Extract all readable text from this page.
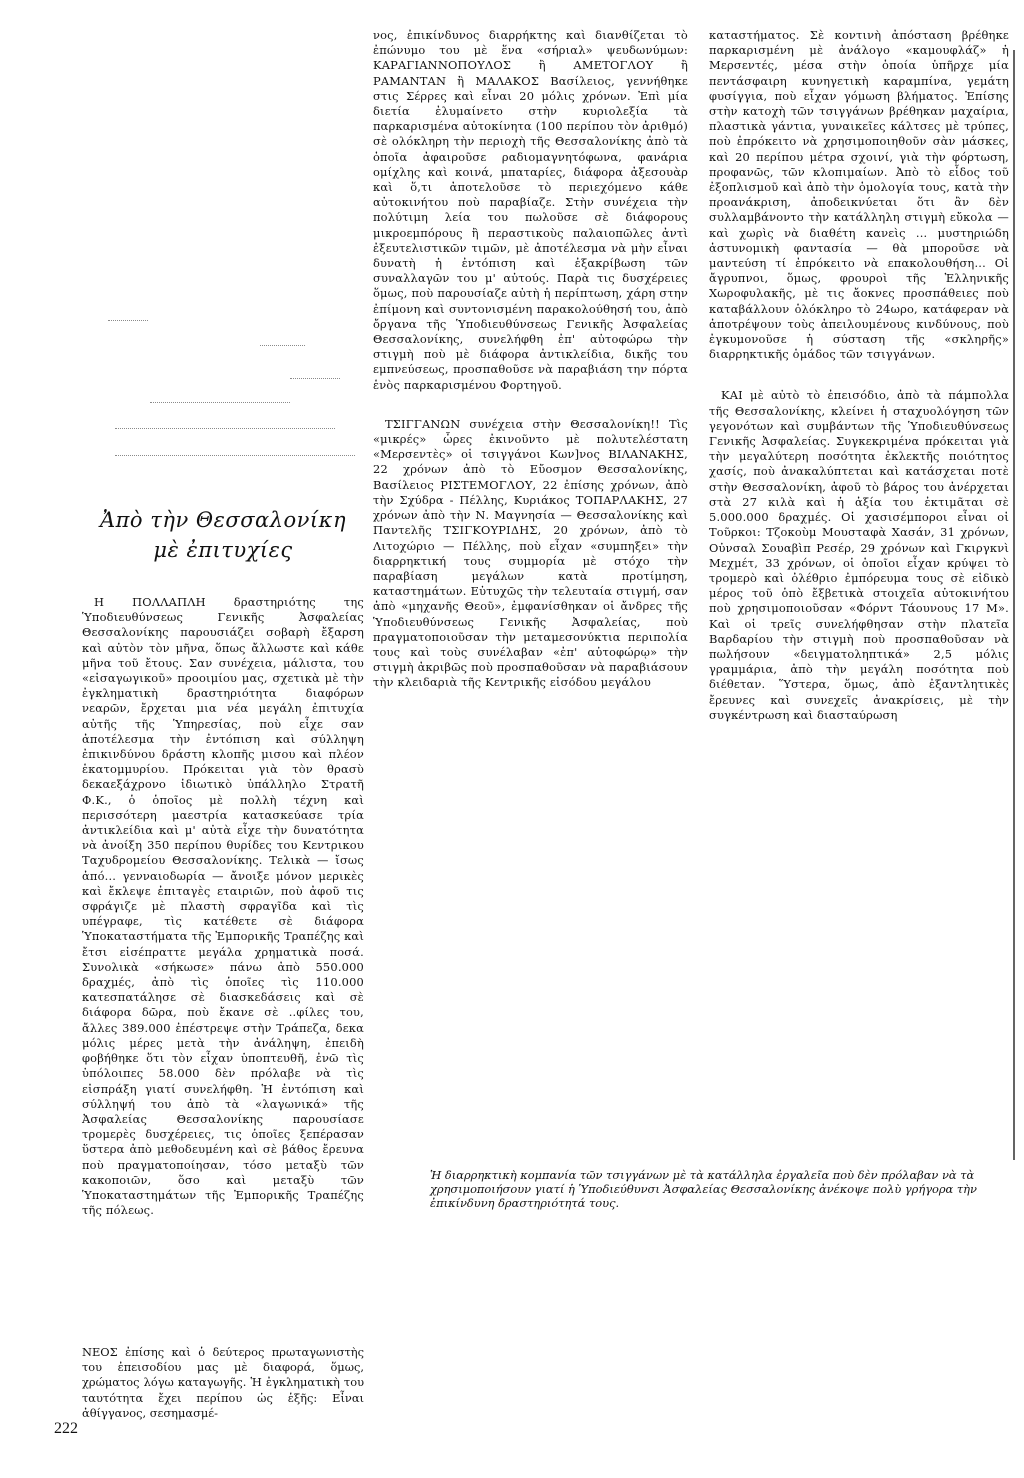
Ἀπὸ τὴν Θεσσαλονίκη
μὲ ἐπιτυχίες

Η ΠΟΛΛΑΠΛΗ δραστηριότης της Ὑποδιευθύνσεως Γενικῆς Ἀσφαλείας Θεσσαλονίκης παρουσιάζει σοβαρὴ ἔξαρση καὶ αὐτὸν τὸν μῆνα, ὅπως ἄλλωστε καὶ κάθε μῆνα τοῦ ἔτους. Σαν συνέχεια, μάλιστα, του «εἰσαγωγικοῦ» προοιμίου μας, σχετικὰ μὲ τὴν ἐγκληματικὴ δραστηριότητα διαφόρων νεαρῶν, ἔρχεται μια νέα μεγάλη ἐπιτυχία αὐτῆς τῆς Ὑπηρεσίας, ποὺ εἶχε σαν ἀποτέλεσμα τὴν ἐντόπιση καὶ σύλληψη ἐπικινδύνου δράστη κλοπῆς μισου καὶ πλέον ἑκατομμυρίου. Πρόκειται γιὰ τὸν θρασὺ δεκαεξάχρονο ἰδιωτικὸ ὑπάλληλο Στρατῆ Φ.Κ., ὁ ὁποῖος μὲ πολλὴ τέχνη καὶ περισσότερη μαεστρία κατασκεύασε τρία ἀντικλείδια καὶ μ' αὐτὰ εἶχε τὴν δυνατότητα νὰ ἀνοίξη 350 περίπου θυρίδες του Κεντρικου Ταχυδρομείου Θεσσαλονίκης. Τελικὰ — ἴσως ἀπό... γενναιοδωρία — ἄνοιξε μόνον μερικὲς καὶ ἔκλεψε ἐπιταγὲς εταιριῶν, ποὺ ἀφοῦ τις σφράγιζε μὲ πλαστὴ σφραγῖδα καὶ τὶς υπέγραφε, τὶς κατέθετε σὲ διάφορα Ὑποκαταστήματα τῆς Ἐμπορικῆς Τραπέζης καὶ ἔτσι εἰσέπραττε μεγάλα χρηματικὰ ποσά. Συνολικὰ «σήκωσε» πάνω ἀπὸ 550.000 δραχμές, ἀπὸ τὶς ὁποῖες τὶς 110.000 κατεσπατάλησε σὲ διασκεδάσεις καὶ σὲ διάφορα δῶρα, ποὺ ἔκανε σὲ ..φίλες του, ἄλλες 389.000 ἐπέστρεψε στὴν Τράπεζα, δεκα μόλις μέρες μετὰ τὴν ἀνάληψη, ἐπειδὴ φοβήθηκε ὅτι τὸν εἶχαν ὑποπτευθῆ, ἐνῶ τὶς ὑπόλοιπες 58.000 δὲν πρόλαβε νὰ τὶς εἰσπράξη γιατί συνελήφθη. Ἡ ἐντόπιση καὶ σύλληψή του ἀπὸ τὰ «λαγωνικά» τῆς Ἀσφαλείας Θεσσαλονίκης παρουσίασε τρομερὲς δυσχέρειες, τις ὁποῖες ξεπέρασαν ὕστερα ἀπὸ μεθοδευμένη καὶ σὲ βάθος ἔρευνα ποὺ πραγματοποίησαν, τόσο μεταξὺ τῶν κακοποιῶν, ὅσο καὶ μεταξὺ τῶν Ὑποκαταστημάτων τῆς Ἐμπορικῆς Τραπέζης τῆς πόλεως.

ΝΕΟΣ ἐπίσης καὶ ὁ δεύτερος πρωταγωνιστὴς του ἐπεισοδίου μας μὲ διαφορά, ὅμως, χρώματος λόγω καταγωγῆς. Ἡ ἐγκληματικὴ του ταυτότητα ἔχει περίπου ὡς ἑξῆς: Εἶναι ἀθίγγανος, σεσημασμέ-

νος, ἐπικίνδυνος διαρρήκτης καὶ διανθίζεται τὸ ἐπώνυμο του μὲ ἕνα «σήριαλ» ψευδωνύμων: ΚΑΡΑΓΙΑΝΝΟΠΟΥΛΟΣ ἢ ΑΜΕΤΟΓΛΟΥ ἢ ΡΑΜΑΝΤΑΝ ἢ ΜΑΛΑΚΟΣ Βασίλειος, γεννήθηκε στις Σέρρες καὶ εἶναι 20 μόλις χρόνων. Ἐπὶ μία διετία ἐλυμαίνετο στὴν κυριολεξία τὰ παρκαρισμένα αὐτοκίνητα (100 περίπου τὸν ἀριθμό) σὲ ολόκληρη τὴν περιοχὴ τῆς Θεσσαλονίκης ἀπὸ τὰ ὁποῖα ἀφαιροῦσε ραδιομαγνητόφωνα, φανάρια ομίχλης καὶ κοινά, μπαταρίες, διάφορα ἀξεσουὰρ καὶ ὅ,τι ἀποτελοῦσε τὸ περιεχόμενο κάθε αὐτοκινήτου ποὺ παραβίαζε. Στὴν συνέχεια τὴν πολύτιμη λεία του πωλοῦσε σὲ διάφορους μικροεμπόρους ἢ περαστικοὺς παλαιοπῶλες ἀντὶ ἐξευτελιστικῶν τιμῶν, μὲ ἀποτέλεσμα νὰ μὴν εἶναι δυνατὴ ἡ ἐντόπιση καὶ ἐξακρίβωση τῶν συναλλαγῶν του μ' αὐτούς. Παρὰ τις δυσχέρειες ὅμως, ποὺ παρουσίαζε αὐτὴ ἡ περίπτωση, χάρη στην ἐπίμονη καὶ συντονισμένη παρακολούθησή του, ἀπὸ ὄργανα τῆς Ὑποδιευθύνσεως Γενικῆς Ἀσφαλείας Θεσσαλονίκης, συνελήφθη ἐπ' αὐτοφώρω τὴν στιγμὴ ποὺ μὲ διάφορα ἀντικλείδια, δικῆς του εμπνεύσεως, προσπαθοῦσε νὰ παραβιάση την πόρτα ἑνὸς παρκαρισμένου Φορτηγοῦ.

ΤΣΙΓΓΑΝΩΝ συνέχεια στὴν Θεσσαλονίκη!! Τὶς «μικρές» ὧρες ἐκινοῦντο μὲ πολυτελέστατη «Μερσεντὲς» οἱ τσιγγάνοι Κων]νος ΒΙΛΑΝΑΚΗΣ, 22 χρόνων ἀπὸ τὸ Εὔοσμον Θεσσαλονίκης, Βασίλειος ΡΙΣΤΕΜΟΓΛΟΥ, 22 ἐπίσης χρόνων, ἀπὸ τὴν Σχύδρα - Πέλλης, Κυριάκος ΤΟΠΑΡΛΑΚΗΣ, 27 χρόνων ἀπὸ τὴν Ν. Μαγνησία — Θεσσαλονίκης καὶ Παντελῆς ΤΣΙΓΚΟΥΡΙΔΗΣ, 20 χρόνων, ἀπὸ τὸ Λιτοχώριο — Πέλλης, ποὺ εἶχαν «συμπηξει» τὴν διαρρηκτική τους συμμορία μὲ στόχο τὴν παραβίαση μεγάλων κατὰ προτίμηση, καταστημάτων. Εὐτυχῶς τὴν τελευταία στιγμή, σαν ἀπὸ «μηχανῆς Θεοῦ», ἐμφανίσθηκαν οἱ ἄνδρες τῆς Ὑποδιευθύνσεως Γενικῆς Ἀσφαλείας, ποὺ πραγματοποιοῦσαν τὴν μεταμεσονύκτια περιπολία τους καὶ τοὺς συνέλαβαν «ἐπ' αὐτοφώρῳ» τὴν στιγμὴ ἀκριβῶς ποὺ προσπαθοῦσαν νὰ παραβιάσουν τὴν κλειδαριὰ τῆς Κεντρικῆς εἰσόδου μεγάλου

καταστήματος. Σὲ κοντινὴ ἀπόσταση βρέθηκε παρκαρισμένη μὲ ἀνάλογο «καμουφλάζ» ἡ Μερσεντές, μέσα στὴν ὁποία ὑπῆρχε μία πεντάσφαιρη κυνηγετικὴ καραμπίνα, γεμάτη φυσίγγια, ποὺ εἶχαν γόμωση βλήματος. Ἐπίσης στὴν κατοχὴ τῶν τσιγγάνων βρέθηκαν μαχαίρια, πλαστικὰ γάντια, γυναικεῖες κάλτσες μὲ τρύπες, ποὺ ἐπρόκειτο νὰ χρησιμοποιηθοῦν σὰν μάσκες, καὶ 20 περίπου μέτρα σχοινί, γιὰ τὴν φόρτωση, προφανῶς, τῶν κλοπιμαίων. Ἀπὸ τὸ εἶδος τοῦ ἐξοπλισμοῦ καὶ ἀπὸ τὴν ὁμολογία τους, κατὰ τὴν προανάκριση, ἀποδεικνύεται ὅτι ἂν δὲν συλλαμβάνοντο τὴν κατάλληλη στιγμὴ εὔκολα — καὶ χωρὶς νὰ διαθέτη κανεὶς ... μυστηριώδη ἀστυνομικὴ φαντασία — θὰ μποροῦσε νὰ μαντεύση τί ἐπρόκειτο νὰ επακολουθήση... Οἱ ἄγρυπνοι, ὅμως, φρουροὶ τῆς Ἑλληνικῆς Χωροφυλακῆς, μὲ τις ἄοκνες προσπάθειες ποὺ καταβάλλουν ὁλόκληρο τὸ 24ωρο, κατάφεραν νὰ ἀποτρέψουν τοὺς ἀπειλουμένους κινδύνους, ποὺ ἐγκυμονοῦσε ἡ σύσταση τῆς «σκληρῆς» διαρρηκτικῆς ὁμάδος τῶν τσιγγάνων.

ΚΑΙ μὲ αὐτὸ τὸ ἐπεισόδιο, ἀπὸ τὰ πάμπολλα τῆς Θεσσαλονίκης, κλείνει ἡ σταχυολόγηση τῶν γεγονότων καὶ συμβάντων τῆς Ὑποδιευθύνσεως Γενικῆς Ἀσφαλείας. Συγκεκριμένα πρόκειται γιὰ τὴν μεγαλύτερη ποσότητα ἐκλεκτῆς ποιότητος χασίς, ποὺ ἀνακαλύπτεται καὶ κατάσχεται ποτὲ στὴν Θεσσαλονίκη, ἀφοῦ τὸ βάρος του ἀνέρχεται στὰ 27 κιλὰ καὶ ἡ ἀξία του ἐκτιμᾶται σὲ 5.000.000 δραχμές. Οἱ χασισέμποροι εἶναι οἱ Τοῦρκοι: Τζοκοὺμ Μουσταφὰ Χασάν, 31 χρόνων, Οὐνσαλ Σουαβὶπ Ρεσέρ, 29 χρόνων καὶ Γκιργκνὶ Μεχμέτ, 33 χρόνων, οἱ ὁποῖοι εἶχαν κρύψει τὸ τρομερὸ καὶ ὀλέθριο ἐμπόρευμα τους σὲ εἰδικὸ μέρος τοῦ ὁπὸ ἔξβετικὰ στοιχεῖα αὐτοκινήτου ποὺ χρησιμοποιοῦσαν «Φόρντ Τάουνους 17 Μ». Καὶ οἱ τρεῖς συνελήφθησαν στὴν πλατεῖα Βαρδαρίου τὴν στιγμὴ ποὺ προσπαθοῦσαν νὰ πωλήσουν «δειγματοληπτικά» 2,5 μόλις γραμμάρια, ἀπὸ τὴν μεγάλη ποσότητα ποὺ διέθεταν. Ὕστερα, ὅμως, ἀπὸ ἐξαντλητικὲς ἔρευνες καὶ συνεχεῖς ἀνακρίσεις, μὲ τὴν συγκέντρωση καὶ διασταύρωση

Ἡ διαρρηκτικὴ κομπανία τῶν τσιγγάνων μὲ τὰ κατάλληλα ἐργαλεῖα ποὺ δὲν πρόλαβαν νὰ τὰ χρησιμοποιήσουν γιατί ἡ Ὑποδιεύθυνσι Ἀσφαλείας Θεσσαλονίκης ἀνέκοψε πολὺ γρήγορα τὴν ἐπικίνδυνη δραστηριότητά τους.
222
